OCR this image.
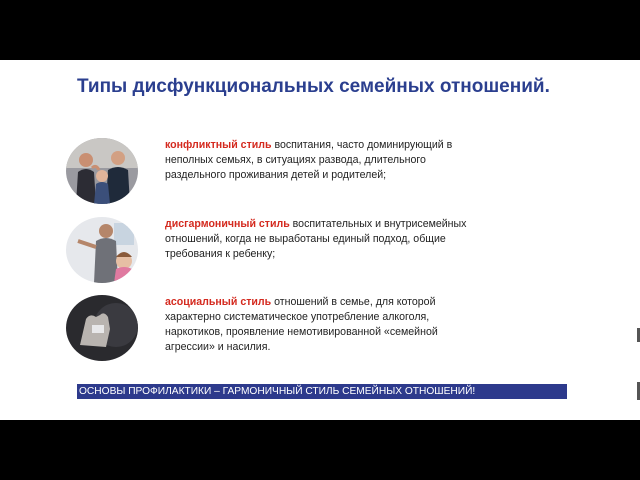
Типы дисфункциональных семейных отношений.
конфликтный стиль воспитания, часто доминирующий в неполных семьях, в ситуациях развода, длительного раздельного проживания детей и родителей;
дисгармоничный стиль воспитательных и внутрисемейных отношений, когда не выработаны единый подход, общие требования к ребенку;
асоциальный стиль отношений в семье, для которой характерно систематическое употребление алкоголя, наркотиков, проявление немотивированной «семейной агрессии» и насилия.
ОСНОВЫ ПРОФИЛАКТИКИ – ГАРМОНИЧНЫЙ СТИЛЬ СЕМЕЙНЫХ ОТНОШЕНИЙ!
